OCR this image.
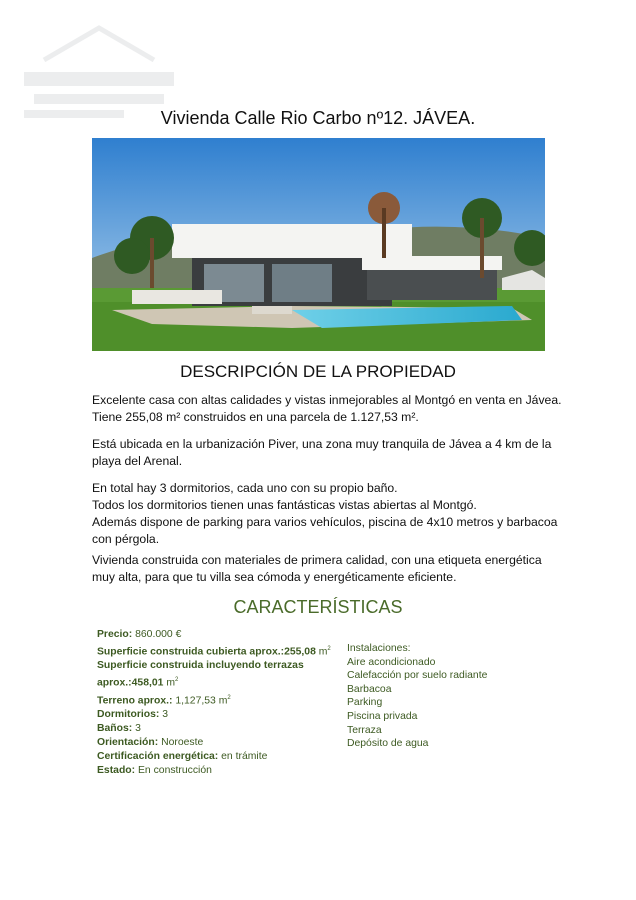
Vivienda Calle Rio Carbo nº12. JÁVEA.
DESCRIPCIÓN DE LA PROPIEDAD
Excelente casa con altas calidades y vistas inmejorables al Montgó en venta en Jávea.
Tiene 255,08 m² construidos en una parcela de 1.127,53 m².
Está ubicada en la urbanización Piver, una zona muy tranquila de Jávea a 4 km de la
playa del Arenal.
En total hay 3 dormitorios, cada uno con su propio baño.
Todos los dormitorios tienen unas fantásticas vistas abiertas al Montgó.
Además dispone de parking para varios vehículos, piscina de 4x10 metros y barbacoa
con pérgola.
Vivienda construida con materiales de primera calidad, con una etiqueta energética
muy alta, para que tu villa sea cómoda y energéticamente eficiente.
CARACTERÍSTICAS
Precio: 860.000 €
Superficie construida cubierta aprox.:255,08 $m^2$
Superficie construida incluyendo terrazas
aprox.:458,01 $m^2$
Terreno aprox.: 1,127,53 $m^2$
Dormitorios: 3
Baños: 3
Orientación: Noroeste
Certificación energética: en trámite
Estado: En construcción
Instalaciones:
Aire acondicionado
Calefacción por suelo radiante
Barbacoa
Parking
Piscina privada
Terraza
Depósito de agua
